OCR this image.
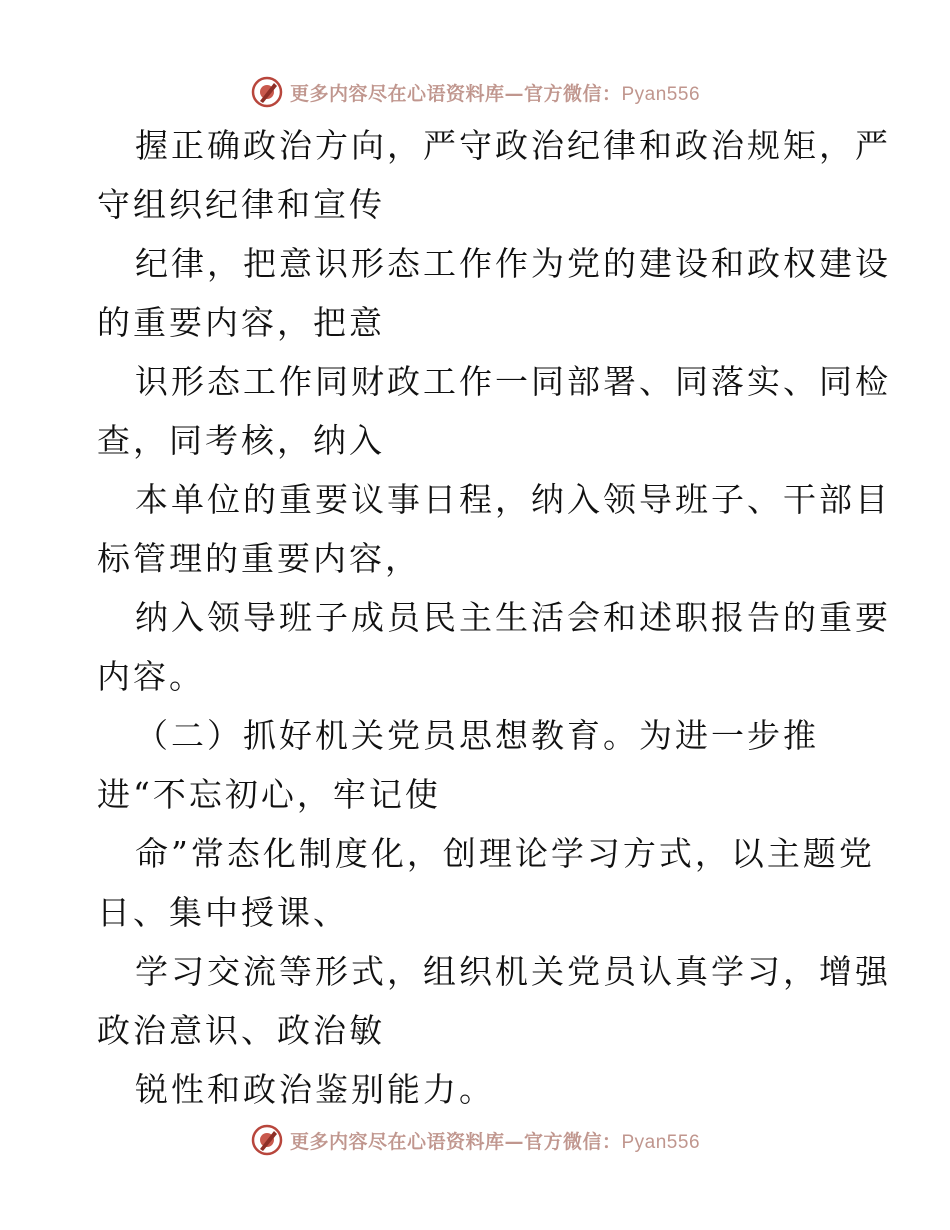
更多内容尽在心语资料库—官方微信：Pyan556
握正确政治方向，严守政治纪律和政治规矩，严
守组织纪律和宣传
纪律，把意识形态工作作为党的建设和政权建设
的重要内容，把意
识形态工作同财政工作一同部署、同落实、同检
查，同考核，纳入
本单位的重要议事日程，纳入领导班子、干部目
标管理的重要内容，
纳入领导班子成员民主生活会和述职报告的重要
内容。
（二）抓好机关党员思想教育。为进一步推
进“不忘初心，牢记使
命”常态化制度化，创理论学习方式，以主题党
日、集中授课、
学习交流等形式，组织机关党员认真学习，增强
政治意识、政治敏
锐性和政治鉴别能力。
更多内容尽在心语资料库—官方微信：Pyan556
